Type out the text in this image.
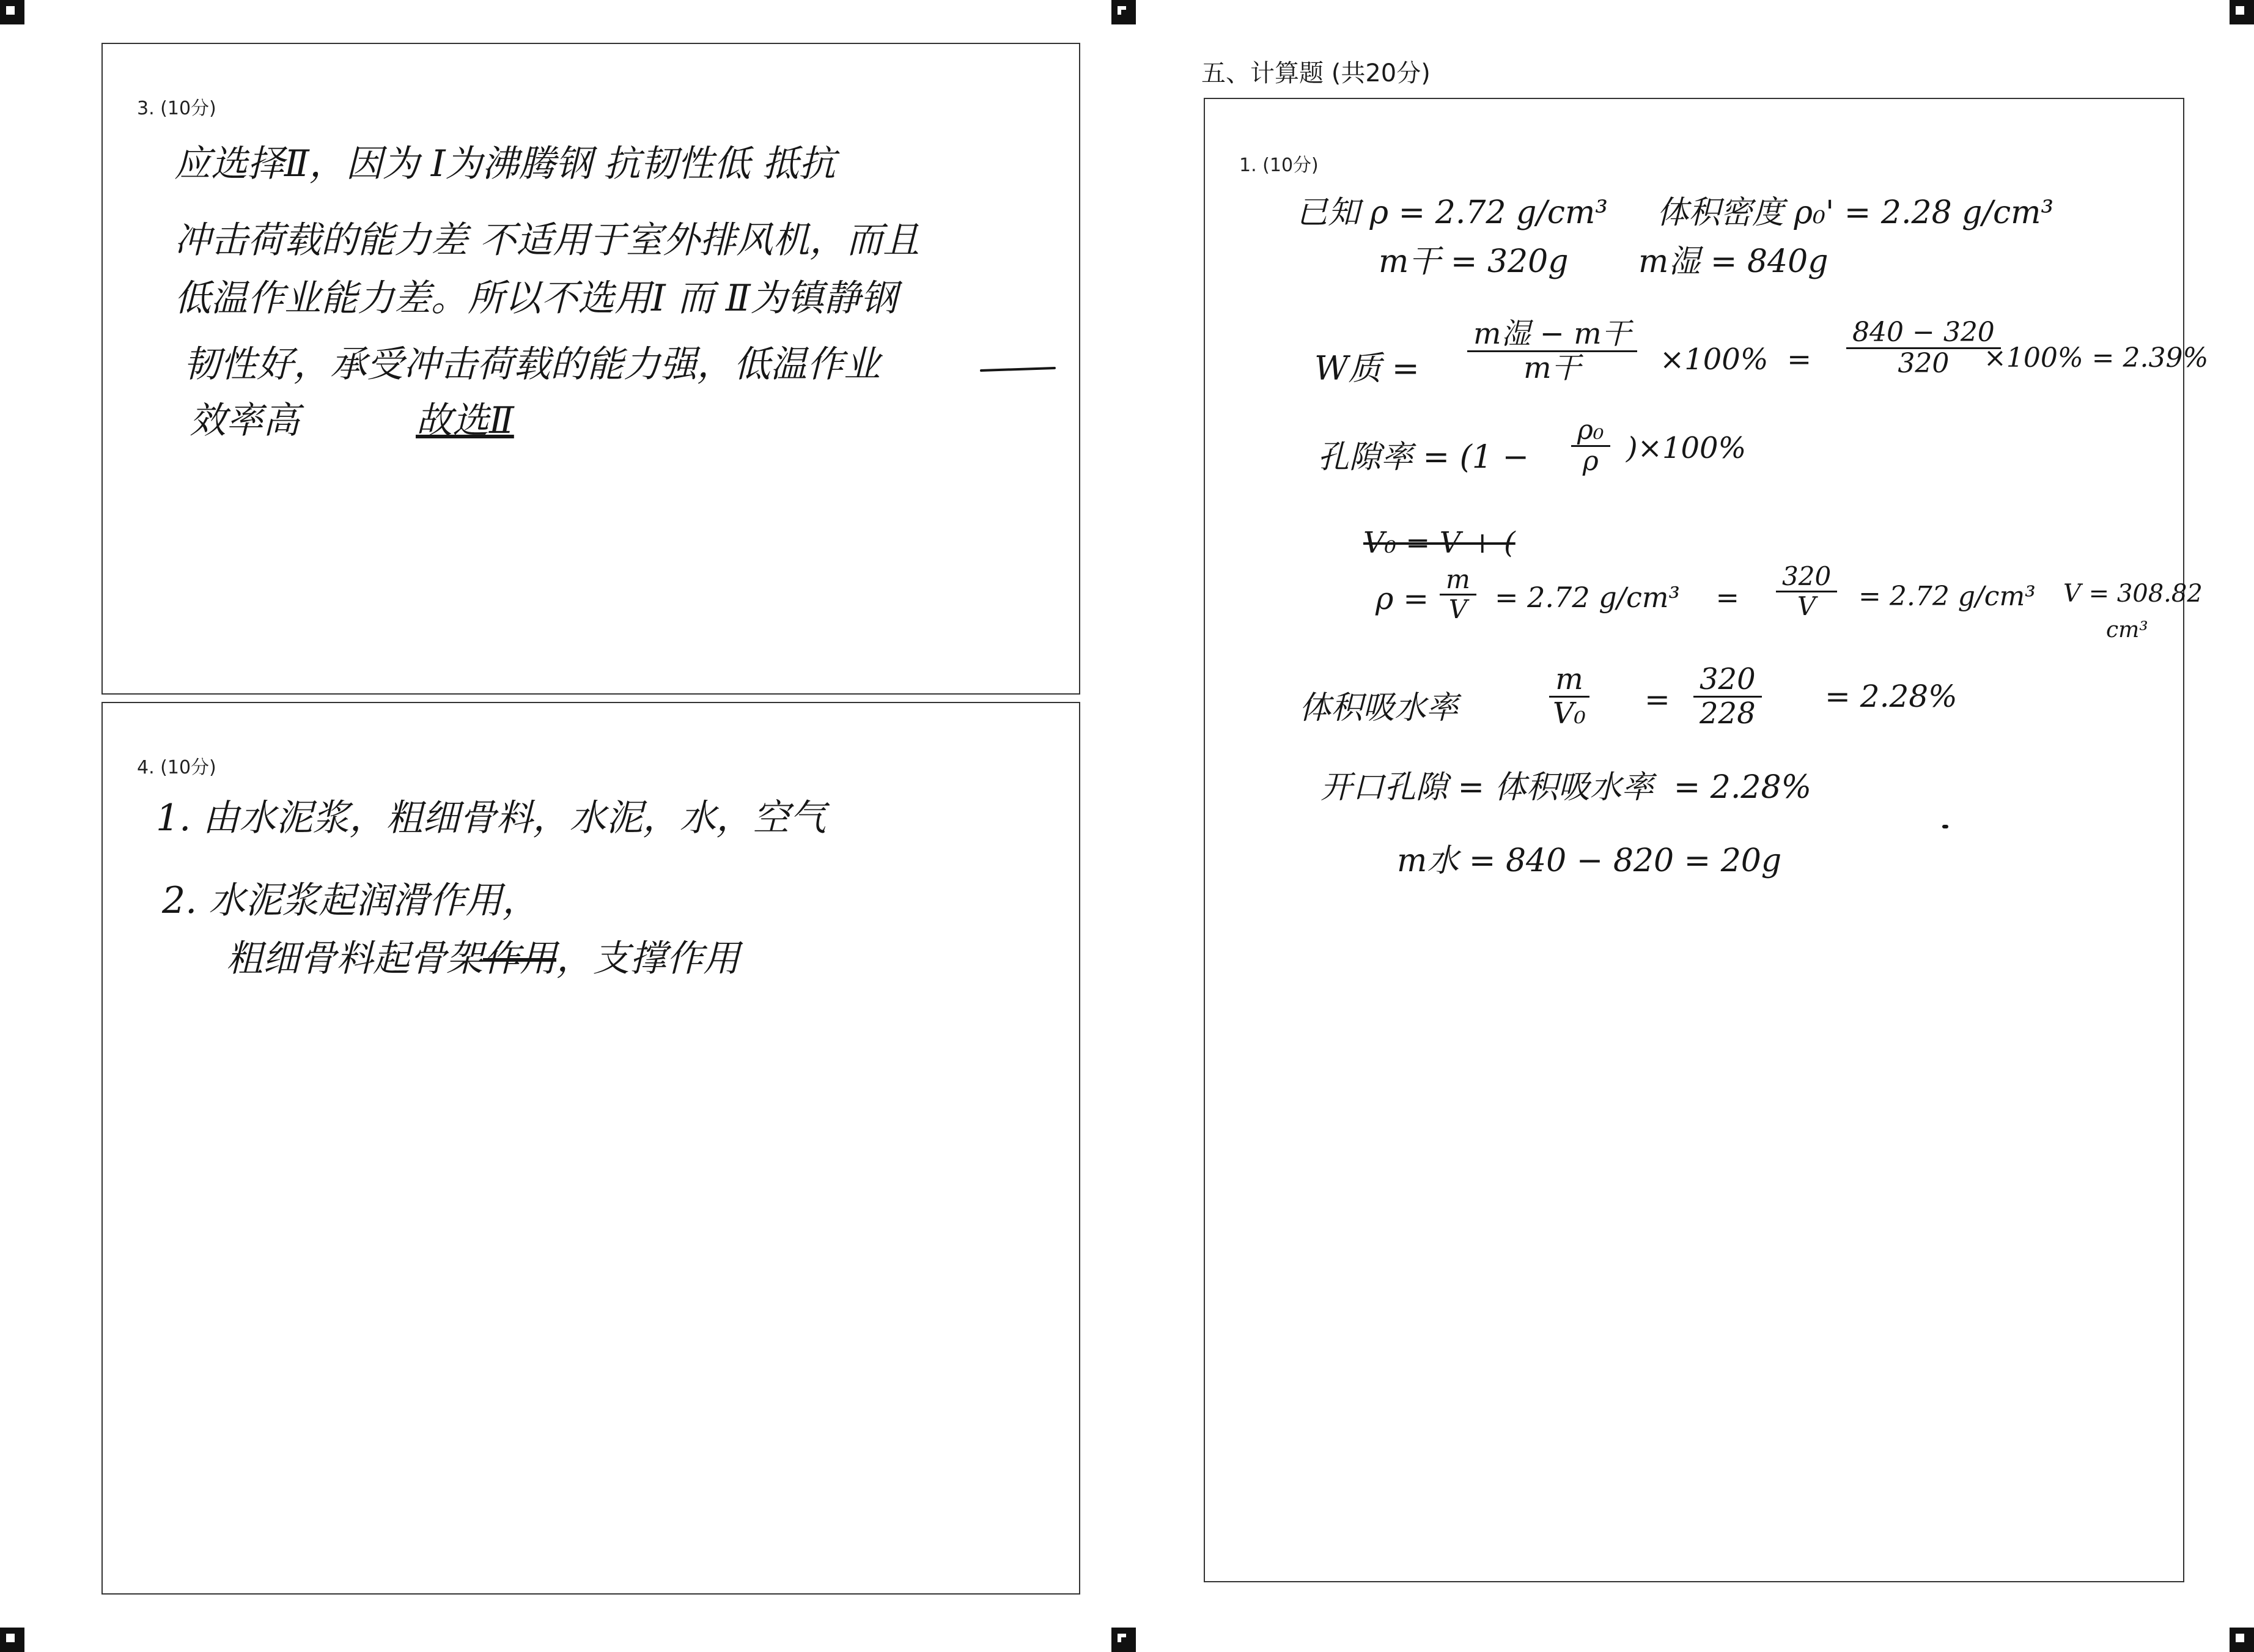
3. (10分)
应选择Ⅱ，因为 Ⅰ为沸腾钢 抗韧性低 抵抗
冲击荷载的能力差 不适用于室外排风机，而且
低温作业能力差。所以不选用Ⅰ 而 Ⅱ为镇静钢
韧性好，承受冲击荷载的能力强，低温作业
效率高	故选Ⅱ
4. (10分)
1. 由水泥浆，粗细骨料，水泥，水，空气
2. 水泥浆起润滑作用，
粗细骨料起骨架作用，支撑作用
五、计算题 (共20分)
1. (10分)
已知 ρ = 2.72 g/cm³ 体积密度 ρ₀' = 2.28 g/cm³
m干 = 320g m湿 = 840g
W质 =
m湿 − m干
m干	$\times 100\% = \frac{840 - 320}{320}$
×100% = 2.39%
孔隙率 = $(1 - \frac{\text{ρ₀}}{\rho} )\times 100\%$
V₀ = V + (
$\rho = \frac{m}{V} = 2.72$ g/cm³    = $\frac{320}{V} = 2.72$ g/cm³ V = 308.82
cm³
体积吸水率	$\frac{m}{\text{V₀}} = \frac{320}{228} = 2.28\%$
开口孔隙 = 体积吸水率  = 2.28%
m水 = 840 − 820 = 20g
